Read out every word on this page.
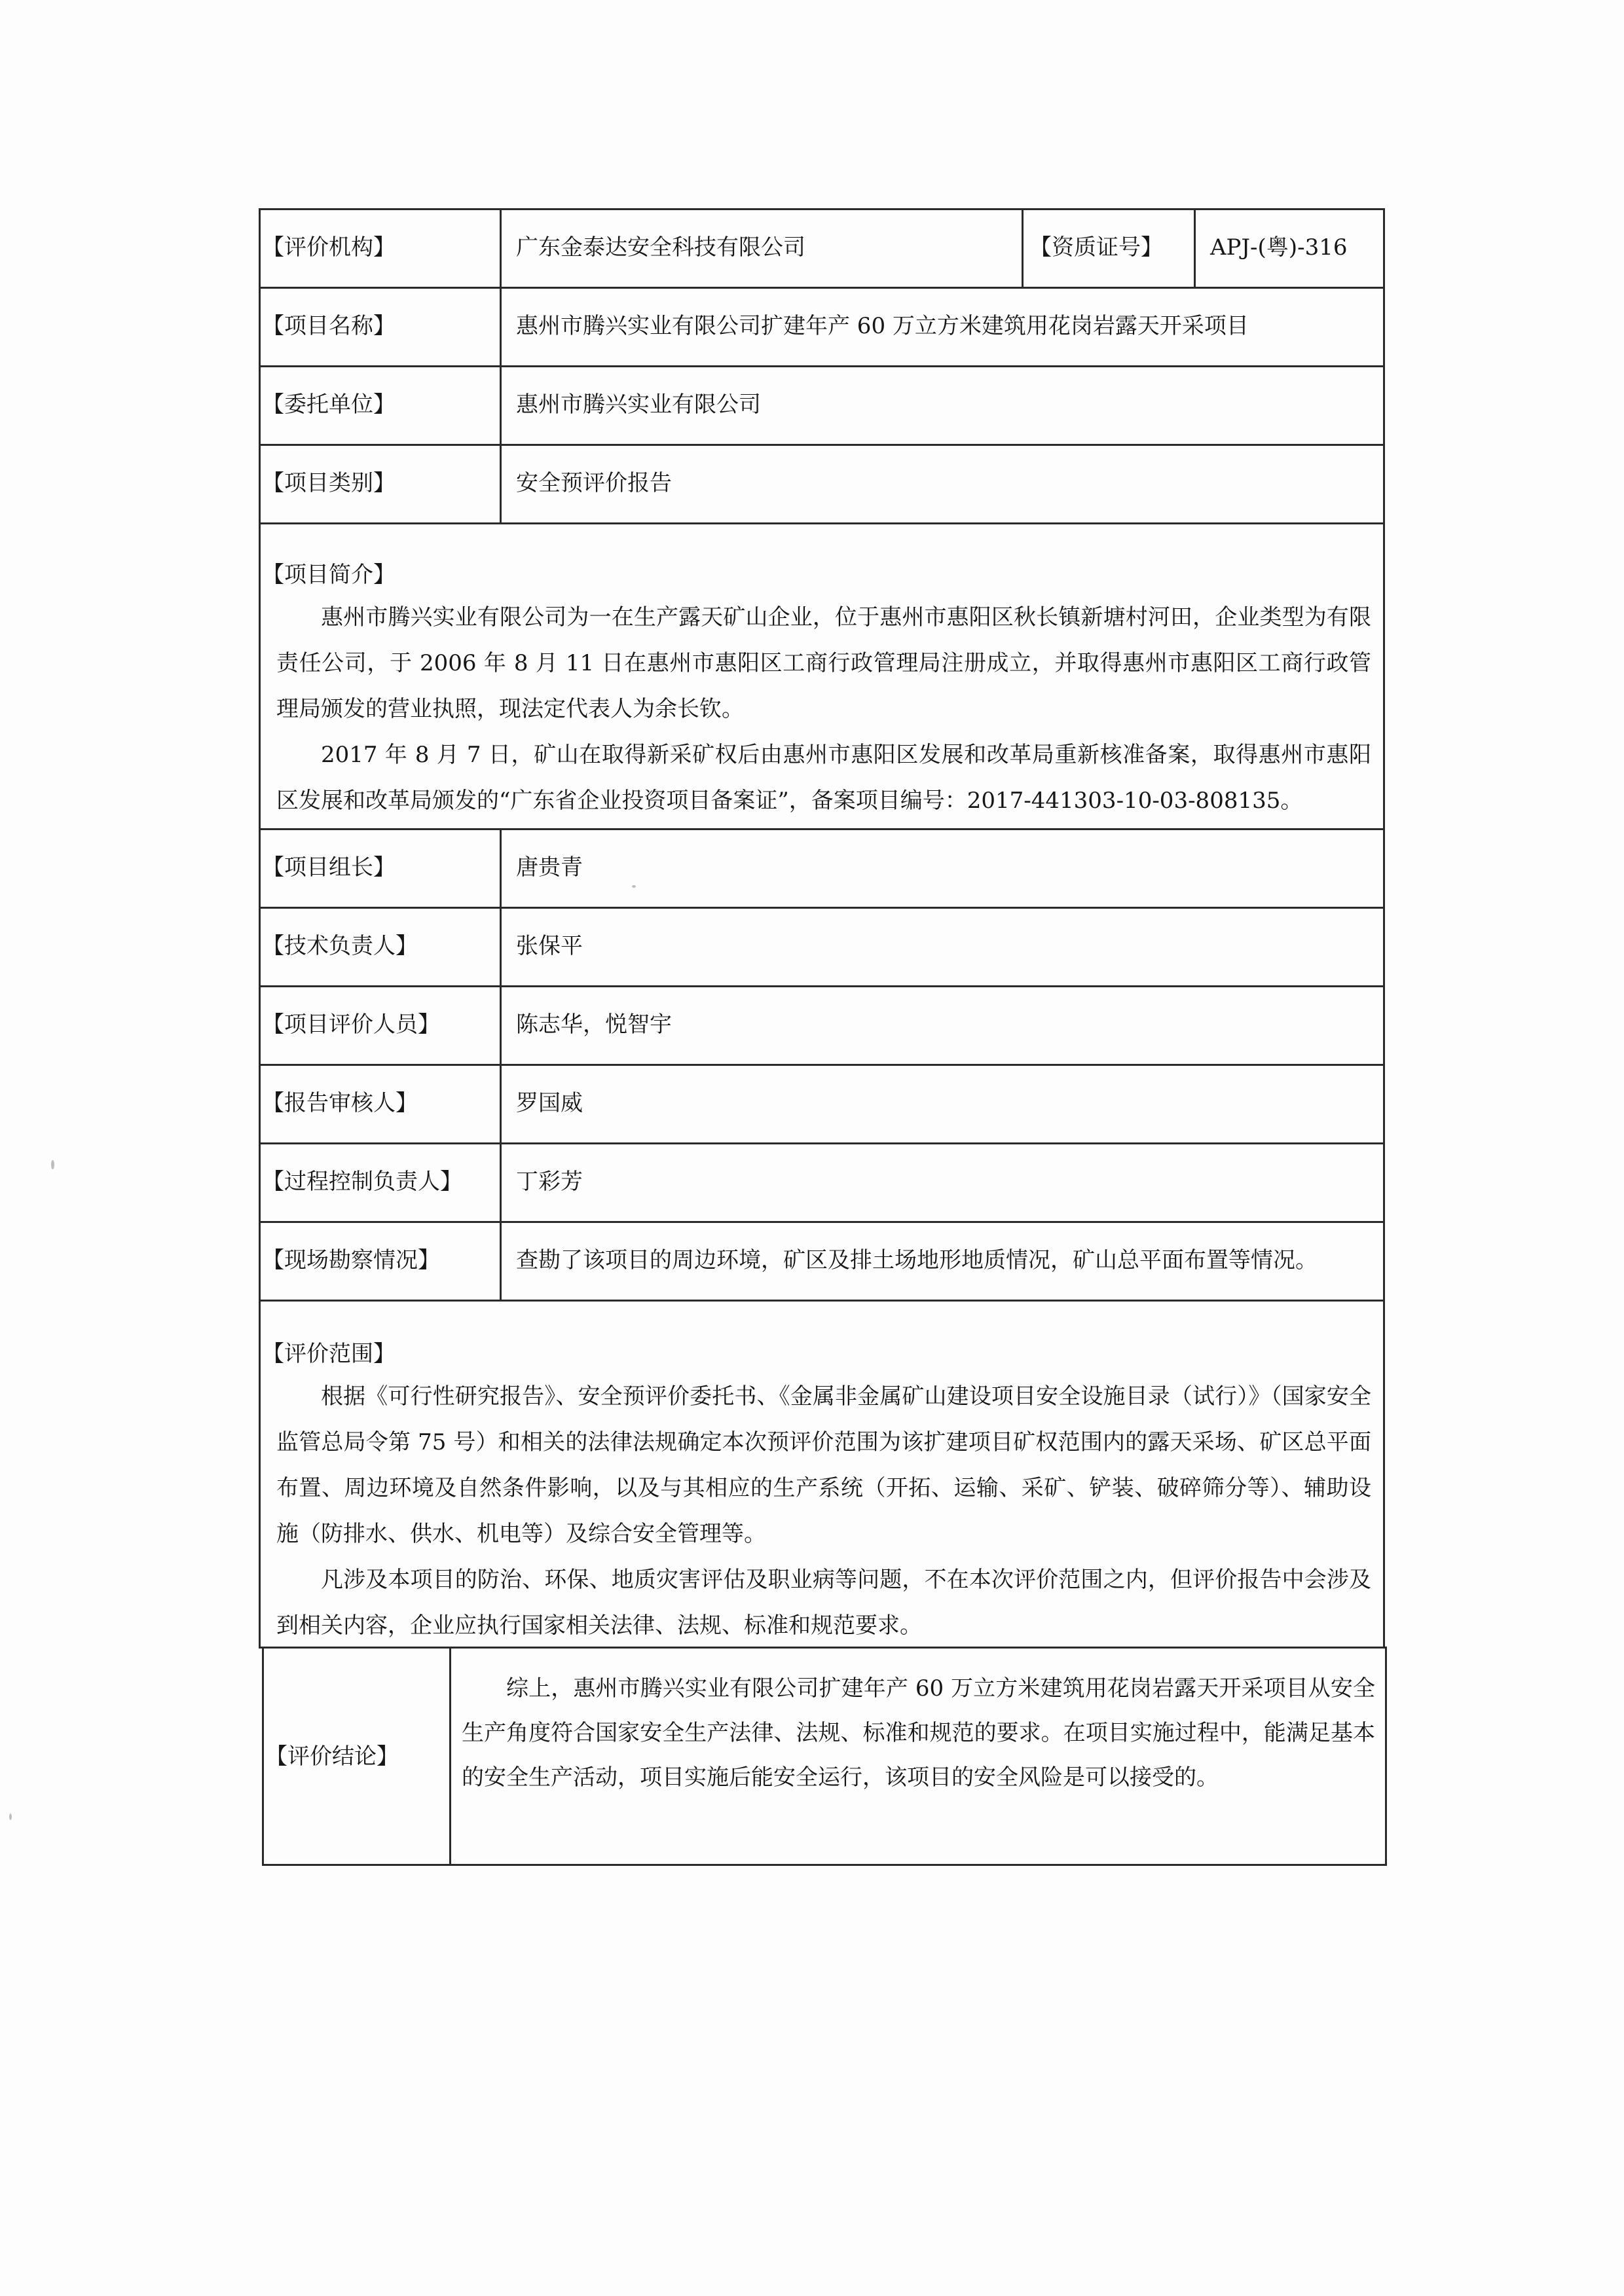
【评价机构】	广东金泰达安全科技有限公司	【资质证号】 APJ-(粤)-316
【项目名称】	惠州市腾兴实业有限公司扩建年产 60 万立方米建筑用花岗岩露天开采项目
【委托单位】	惠州市腾兴实业有限公司
【项目类别】	安全预评价报告
【项目简介】

惠州市腾兴实业有限公司为一在生产露天矿山企业，位于惠州市惠阳区秋长镇新塘村河田，企业类型为有限责任公司，于 2006 年 8 月 11 日在惠州市惠阳区工商行政管理局注册成立，并取得惠州市惠阳区工商行政管理局颁发的营业执照，现法定代表人为余长钦。

2017 年 8 月 7 日，矿山在取得新采矿权后由惠州市惠阳区发展和改革局重新核准备案，取得惠州市惠阳区发展和改革局颁发的“广东省企业投资项目备案证”，备案项目编号：2017-441303-10-03-808135。

【项目组长】	唐贵青
【技术负责人】	张保平
【项目评价人员】	陈志华，悦智宇
【报告审核人】	罗国威
【过程控制负责人】 丁彩芳
【现场勘察情况】	查勘了该项目的周边环境，矿区及排土场地形地质情况，矿山总平面布置等情况。
【评价范围】

根据《可行性研究报告》、安全预评价委托书、《金属非金属矿山建设项目安全设施目录（试行）》（国家安全监管总局令第 75 号）和相关的法律法规确定本次预评价范围为该扩建项目矿权范围内的露天采场、矿区总平面布置、周边环境及自然条件影响，以及与其相应的生产系统（开拓、运输、采矿、铲装、破碎筛分等）、辅助设施（防排水、供水、机电等）及综合安全管理等。

凡涉及本项目的防治、环保、地质灾害评估及职业病等问题，不在本次评价范围之内，但评价报告中会涉及到相关内容，企业应执行国家相关法律、法规、标准和规范要求。

【评价结论】
综上，惠州市腾兴实业有限公司扩建年产 60 万立方米建筑用花岗岩露天开采项目从安全生产角度符合国家安全生产法律、法规、标准和规范的要求。在项目实施过程中，能满足基本的安全生产活动，项目实施后能安全运行，该项目的安全风险是可以接受的。
